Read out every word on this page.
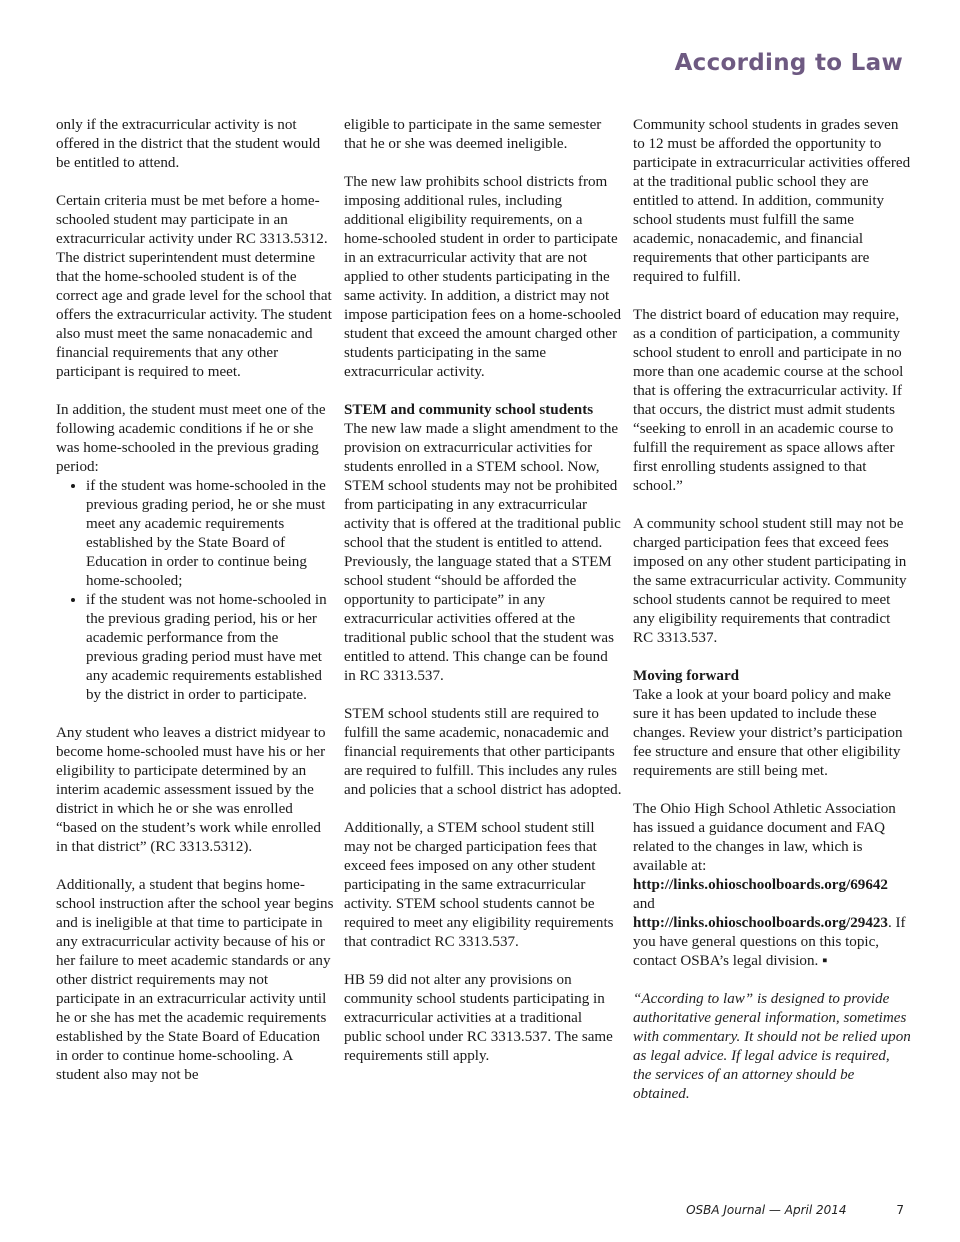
According to Law

only if the extracurricular activity is not offered in the district that the student would be entitled to attend.

Certain criteria must be met before a home-schooled student may participate in an extracurricular activity under RC 3313.5312. The district superintendent must determine that the home-schooled student is of the correct age and grade level for the school that offers the extracurricular activity. The student also must meet the same nonacademic and financial requirements that any other participant is required to meet.

In addition, the student must meet one of the following academic conditions if he or she was home-schooled in the previous grading period:

• if the student was home-schooled in the previous grading period, he or she must meet any academic requirements established by the State Board of Education in order to continue being home-schooled;
• if the student was not home-schooled in the previous grading period, his or her academic performance from the previous grading period must have met any academic requirements established by the district in order to participate.

Any student who leaves a district midyear to become home-schooled must have his or her eligibility to participate determined by an interim academic assessment issued by the district in which he or she was enrolled “based on the student’s work while enrolled in that district” (RC 3313.5312).

Additionally, a student that begins home-school instruction after the school year begins and is ineligible at that time to participate in any extracurricular activity because of his or her failure to meet academic standards or any other district requirements may not participate in an extracurricular activity until he or she has met the academic requirements established by the State Board of Education in order to continue home-schooling. A student also may not be

eligible to participate in the same semester that he or she was deemed ineligible.

The new law prohibits school districts from imposing additional rules, including additional eligibility requirements, on a home-schooled student in order to participate in an extracurricular activity that are not applied to other students participating in the same activity. In addition, a district may not impose participation fees on a home-schooled student that exceed the amount charged other students participating in the same extracurricular activity.

STEM and community school students
The new law made a slight amendment to the provision on extracurricular activities for students enrolled in a STEM school. Now, STEM school students may not be prohibited from participating in any extracurricular activity that is offered at the traditional public school that the student is entitled to attend. Previously, the language stated that a STEM school student “should be afforded the opportunity to participate” in any extracurricular activities offered at the traditional public school that the student was entitled to attend. This change can be found in RC 3313.537.

STEM school students still are required to fulfill the same academic, nonacademic and financial requirements that other participants are required to fulfill. This includes any rules and policies that a school district has adopted.

Additionally, a STEM school student still may not be charged participation fees that exceed fees imposed on any other student participating in the same extracurricular activity. STEM school students cannot be required to meet any eligibility requirements that contradict RC 3313.537.

HB 59 did not alter any provisions on community school students participating in extracurricular activities at a traditional public school under RC 3313.537. The same requirements still apply.

Community school students in grades seven to 12 must be afforded the opportunity to participate in extracurricular activities offered at the traditional public school they are entitled to attend. In addition, community school students must fulfill the same academic, nonacademic, and financial requirements that other participants are required to fulfill.

The district board of education may require, as a condition of participation, a community school student to enroll and participate in no more than one academic course at the school that is offering the extracurricular activity. If that occurs, the district must admit students “seeking to enroll in an academic course to fulfill the requirement as space allows after first enrolling students assigned to that school.”

A community school student still may not be charged participation fees that exceed fees imposed on any other student participating in the same extracurricular activity. Community school students cannot be required to meet any eligibility requirements that contradict RC 3313.537.

Moving forward
Take a look at your board policy and make sure it has been updated to include these changes. Review your district’s participation fee structure and ensure that other eligibility requirements are still being met.

The Ohio High School Athletic Association has issued a guidance document and FAQ related to the changes in law, which is available at: http://links.ohioschoolboards.org/69642 and http://links.ohioschoolboards.org/29423. If you have general questions on this topic, contact OSBA’s legal division. ▪

“According to law” is designed to provide authoritative general information, sometimes with commentary. It should not be relied upon as legal advice. If legal advice is required, the services of an attorney should be obtained.

OSBA Journal — April 2014	7
